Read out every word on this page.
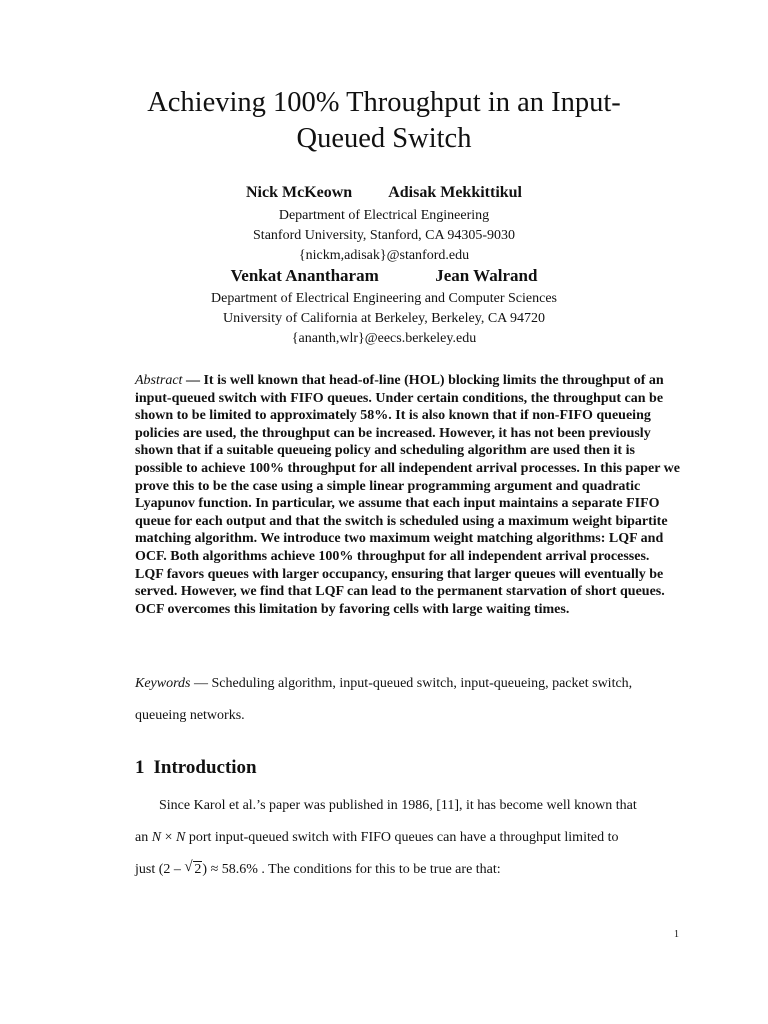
Achieving 100% Throughput in an Input-
Queued Switch
Nick McKeown Adisak Mekkittikul
Department of Electrical Engineering
Stanford University, Stanford, CA 94305-9030
{nickm,adisak}@stanford.edu
Venkat Anantharam	Jean Walrand
Department of Electrical Engineering and Computer Sciences
University of California at Berkeley, Berkeley, CA 94720
{ananth,wlr}@eecs.berkeley.edu
Abstract — It is well known that head-of-line (HOL) blocking limits the throughput of an input-queued switch with FIFO queues. Under certain conditions, the throughput can be shown to be limited to approximately 58%. It is also known that if non-FIFO queueing policies are used, the throughput can be increased. However, it has not been previously shown that if a suitable queueing policy and scheduling algorithm are used then it is possible to achieve 100% throughput for all independent arrival processes. In this paper we prove this to be the case using a simple linear programming argument and quadratic Lyapunov function. In particular, we assume that each input maintains a separate FIFO queue for each output and that the switch is scheduled using a maximum weight bipartite matching algorithm. We introduce two maximum weight matching algorithms: LQF and OCF. Both algorithms achieve 100% throughput for all independent arrival processes. LQF favors queues with larger occupancy, ensuring that larger queues will eventually be served. However, we find that LQF can lead to the permanent starvation of short queues. OCF overcomes this limitation by favoring cells with large waiting times.
Keywords — Scheduling algorithm, input-queued switch, input-queueing, packet switch, queueing networks.
1 Introduction
Since Karol et al.’s paper was published in 1986, [11], it has become well known that
an N × N port input-queued switch with FIFO queues can have a throughput limited to
just (2 – √ 2) ≈ 58.6% . The conditions for this to be true are that:
1
